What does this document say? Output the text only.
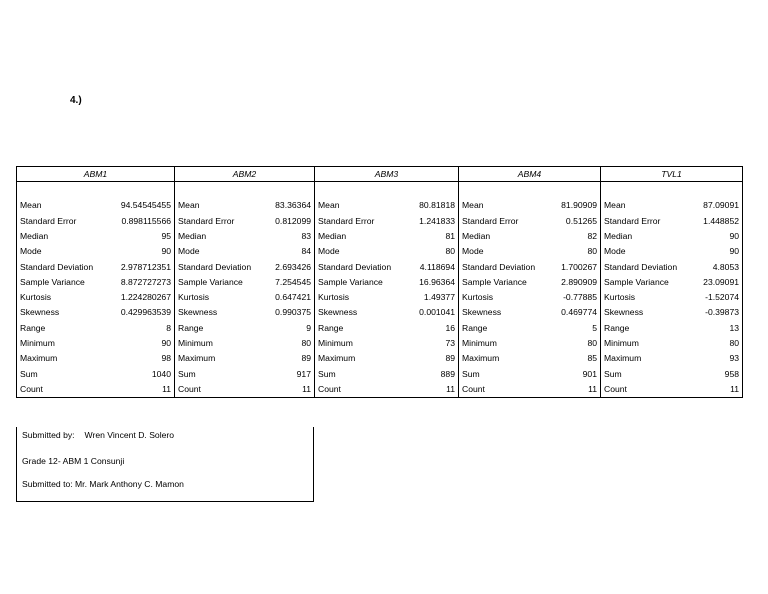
4.)
ABM1		ABM2		ABM3		ABM4		TVL1	

Mean	94.54545455	Mean	83.36364	Mean	80.81818	Mean	81.90909	Mean	87.09091
Standard Error	0.898115566	Standard Error	0.812099	Standard Error	1.241833	Standard Error	0.51265	Standard Error	1.448852
Median	95	Median	83	Median	81	Median	82	Median	90
Mode	90	Mode	84	Mode	80	Mode	80	Mode	90
Standard Deviation	2.978712351	Standard Deviation	2.693426	Standard Deviation	4.118694	Standard Deviation	1.700267	Standard Deviation	4.8053
Sample Variance	8.872727273	Sample Variance	7.254545	Sample Variance	16.96364	Sample Variance	2.890909	Sample Variance	23.09091
Kurtosis	1.224280267	Kurtosis	0.647421	Kurtosis	1.49377	Kurtosis	-0.77885	Kurtosis	-1.52074
Skewness	0.429963539	Skewness	0.990375	Skewness	0.001041	Skewness	0.469774	Skewness	-0.39873
Range	8	Range	9	Range	16	Range	5	Range	13
Minimum	90	Minimum	80	Minimum	73	Minimum	80	Minimum	80
Maximum	98	Maximum	89	Maximum	89	Maximum	85	Maximum	93
Sum	1040	Sum	917	Sum	889	Sum	901	Sum	958
Count	11	Count	11	Count	11	Count	11	Count	11
Submitted by: Wren Vincent D. Solero
Grade 12- ABM 1 Consunji
Submitted to: Mr. Mark Anthony C. Mamon
